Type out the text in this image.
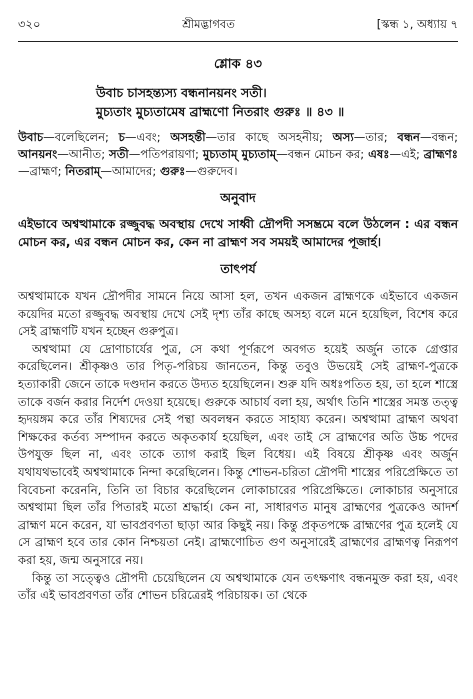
৩২০	শ্রীমদ্ভাগবত	[স্কন্ধ ১, অধ্যায় ৭
শ্লোক ৪৩
উবাচ চাসহন্ত্যস্য বন্ধনানয়নং সতী।
মুচ্যতাং মুচ্যতামেষ ব্রাহ্মণো নিতরাং গুরুঃ ॥ ৪৩ ॥
উবাচ—বলেছিলেন; চ—এবং; অসহন্তী—তার কাছে অসহনীয়; অস্য—তার; বন্ধন—বন্ধন; আনয়নং—আনীত; সতী—পতিপরায়ণা; মুচ্যতাম্‌ মুচ্যতাম্‌—বন্ধন মোচন কর; এষঃ—এই; ব্রাহ্মণঃ—ব্রাহ্মণ; নিতরাম্‌—আমাদের; গুরুঃ—গুরুদেব।
অনুবাদ
এইভাবে অশ্বত্থামাকে রজ্জুবদ্ধ অবস্থায় দেখে সাধ্বী দ্রৌপদী সসম্ভ্রমে বলে উঠলেন : এর বন্ধন মোচন কর, এর বন্ধন মোচন কর, কেন না ব্রাহ্মণ সব সময়ই আমাদের পূজার্হ।
তাৎপর্য

অশ্বত্থামাকে যখন দ্রৌপদীর সামনে নিয়ে আসা হল, তখন একজন ব্রাহ্মণকে এইভাবে একজন কয়েদির মতো রজ্জুবদ্ধ অবস্থায় দেখে সেই দৃশ্য তাঁর কাছে অসহ্য বলে মনে হয়েছিল, বিশেষ করে সেই ব্রাহ্মণটি যখন হচ্ছেন গুরুপুত্র।

অশ্বত্থামা যে দ্রোণাচার্যের পুত্র, সে কথা পূর্ণরূপে অবগত হয়েই অর্জুন তাকে গ্রেপ্তার করেছিলেন। শ্রীকৃষ্ণও তার পিতৃ-পরিচয় জানতেন, কিন্তু তবুও উভয়েই সেই ব্রাহ্মণ-পুত্রকে হত্যাকারী জেনে তাকে দণ্ডদান করতে উদ্যত হয়েছিলেন। শুরু যদি অধঃপতিত হয়, তা হলে শাস্ত্রে তাকে বর্জন করার নির্দেশ দেওয়া হয়েছে। গুরুকে আচার্য বলা হয়, অর্থাৎ তিনি শাস্ত্রের সমস্ত তত্ত্ব হৃদয়ঙ্গম করে তাঁর শিষ্যদের সেই পন্থা অবলম্বন করতে সাহায্য করেন। অশ্বত্থামা ব্রাহ্মণ অথবা শিক্ষকের কর্তব্য সম্পাদন করতে অকৃতকার্য হয়েছিল, এবং তাই সে ব্রাহ্মণের অতি উচ্চ পদের উপযুক্ত ছিল না, এবং তাকে ত্যাগ করাই ছিল বিধেয়। এই বিষয়ে শ্রীকৃষ্ণ এবং অর্জুন যথাযথভাবেই অশ্বত্থামাকে নিন্দা করেছিলেন। কিন্তু শোভন-চরিতা দ্রৌপদী শাস্ত্রের পরিপ্রেক্ষিতে তা বিবেচনা করেননি, তিনি তা বিচার করেছিলেন লোকাচারের পরিপ্রেক্ষিতে। লোকাচার অনুসারে অশ্বত্থামা ছিল তাঁর পিতারই মতো শ্রদ্ধার্হ। কেন না, সাধারণত মানুষ ব্রাহ্মণের পুত্রকেও আদর্শ ব্রাহ্মণ মনে করেন, যা ভাবপ্রবণতা ছাড়া আর কিছুই নয়। কিন্তু প্রকৃতপক্ষে ব্রাহ্মণের পুত্র হলেই যে সে ব্রাহ্মণ হবে তার কোন নিশ্চয়তা নেই। ব্রাহ্মণোচিত গুণ অনুসারেই ব্রাহ্মণের ব্রাহ্মণত্ব নিরূপণ করা হয়, জন্ম অনুসারে নয়।

কিন্তু তা সত্ত্বেও দ্রৌপদী চেয়েছিলেন যে অশ্বত্থামাকে যেন তৎক্ষণাৎ বন্ধনমুক্ত করা হয়, এবং তাঁর এই ভাবপ্রবণতা তাঁর শোভন চরিত্রেরই পরিচায়ক। তা থেকে
